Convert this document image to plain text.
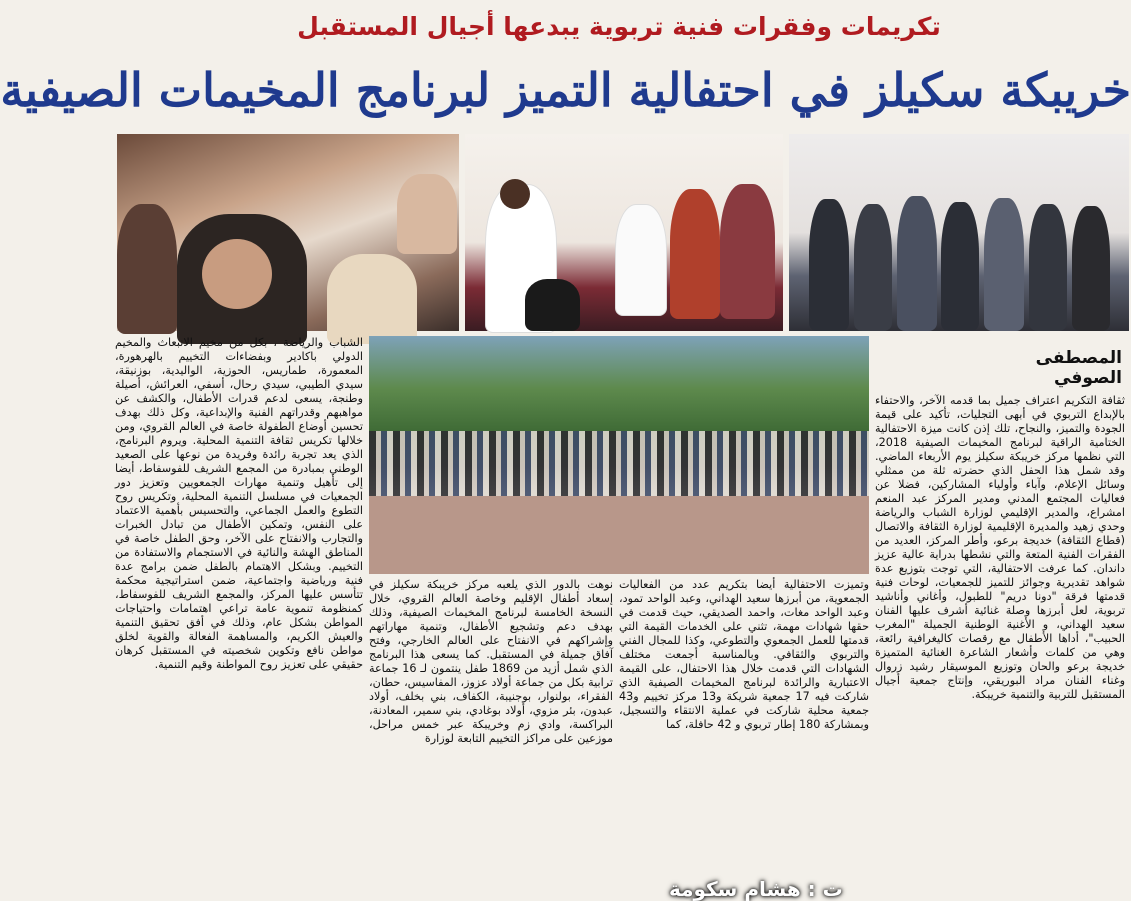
تكريمات وفقرات فنية تربوية يبدعها أجيال المستقبل
خريبكة سكيلز في احتفالية التميز لبرنامج المخيمات الصيفية
ت : هشام سكومة
المصطفى الصوفي
ثقافة التكريم اعتراف جميل بما قدمه الآخر، والاحتفاء بالإبداع التربوي في أبهى التجليات، تأكيد على قيمة الجودة والتميز، والنجاح، تلك إذن كانت ميزة الاحتفالية الختامية الراقية لبرنامج المخيمات الصيفية 2018، التي نظمها مركز خريبكة سكيلز يوم الأربعاء الماضي. وقد شمل هذا الحفل الذي حضرته ثلة من ممثلي وسائل الإعلام، وآباء وأولياء المشاركين، فضلا عن فعاليات المجتمع المدني ومدير المركز عبد المنعم امشراع، والمدير الإقليمي لوزارة الشباب والرياضة وحدي زهيد والمديرة الإقليمية لوزارة الثقافة والاتصال (قطاع الثقافة) خديجة برعو، وأطر المركز، العديد من الفقرات الفنية المتعة والتي نشطها بدراية عالية عزيز داندان. كما عرفت الاحتفالية، التي توجت بتوزيع عدة شواهد تقديرية وجوائز للتميز للجمعيات، لوحات فنية قدمتها فرقة "دونا دريم" للطبول، وأغاني وأناشيد تربوية، لعل أبرزها وصلة غنائية أشرف عليها الفنان سعيد الهداني، و الأغنية الوطنية الجميلة "المغرب الحبيب"، أداها الأطفال مع رقصات كاليغرافية رائعة، وهي من كلمات وأشعار الشاعرة الغنائية المتميزة خديجة برعو والحان وتوزيع الموسيقار رشيد زروال وغناء الفنان مراد البوريقي، وإنتاج جمعية أجيال المستقبل للتربية والتنمية خريبكة.
وتميزت الاحتفالية أيضا بتكريم عدد من الفعاليات الجمعوية، من أبرزها سعيد الهداني، وعبد الواحد تمود، وعبد الواحد مغات، واحمد الصديقي، حيث قدمت في حقها شهادات مهمة، تثني على الخدمات القيمة التي قدمتها للعمل الجمعوي والتطوعي، وكذا للمجال الفني والتربوي والثقافي. وبالمناسبة أجمعت مختلف الشهادات التي قدمت خلال هذا الاحتفال، على القيمة الاعتبارية والرائدة لبرنامج المخيمات الصيفية الذي شاركت فيه 17 جمعية شريكة و13 مركز تخييم و43 جمعية محلية شاركت في عملية الانتقاء والتسجيل، وبمشاركة 180 إطار تربوي و 42 حافلة، كما
نوهت بالدور الذي يلعبه مركز خريبكة سكيلز في إسعاد أطفال الإقليم وخاصة العالم القروي، خلال النسخة الخامسة لبرنامج المخيمات الصيفية، وذلك بهدف دعم وتشجيع الأطفال، وتنمية مهاراتهم وإشراكهم في الانفتاح على العالم الخارجي، وفتح آفاق جميلة في المستقبل. كما يسعى هذا البرنامج الذي شمل أزيد من 1869 طفل ينتمون لـ 16 جماعة ترابية بكل من جماعة أولاد عزوز، المفاسيس، حطان، الفقراء، بولنوار، بوجنيبة، الكفاف، بني بخلف، أولاد عبدون، بئر مزوي، أولاد بوغادي، بني سمير، المعادنة، البراكسة، وادي زم وخريبكة عبر خمس مراحل، موزعين على مراكز التخييم التابعة لوزارة
الشباب والرياضة ، بكل من مخيم الانبعاث والمخيم الدولي باكادير وبفضاءات التخييم بالهرهورة، المعمورة، طماريس، الحوزية، الواليدية، بوزنيقة، سيدي الطيبي، سيدي رحال، أسفي، العرائش، أصيلة وطنجة، يسعى لدعم قدرات الأطفال، والكشف عن مواهبهم وقدراتهم الفنية والإبداعية، وكل ذلك بهدف تحسين أوضاع الطفولة خاصة في العالم القروي، ومن خلالها تكريس ثقافة التنمية المحلية. ويروم البرنامج، الذي يعد تجربة رائدة وفريدة من نوعها على الصعيد الوطني بمبادرة من المجمع الشريف للفوسفاط، أيضا إلى تأهيل وتنمية مهارات الجمعويين وتعزيز دور الجمعيات في مسلسل التنمية المحلية، وتكريس روح التطوع والعمل الجماعي، والتحسيس بأهمية الاعتماد على النفس، وتمكين الأطفال من تبادل الخبرات والتجارب والانفتاح على الآخر، وحق الطفل خاصة في المناطق الهشة والنائية في الاستجمام والاستفادة من التخييم. وبشكل الاهتمام بالطفل ضمن برامج عدة فنية ورياضية واجتماعية، ضمن استراتيجية محكمة تتأسس عليها المركز، والمجمع الشريف للفوسفاط، كمنظومة تنموية عامة تراعي اهتمامات واحتياجات المواطن بشكل عام، وذلك في أفق تحقيق التنمية والعيش الكريم، والمساهمة الفعالة والقوية لخلق مواطن نافع وتكوين شخصيته في المستقبل كرهان حقيقي على تعزيز روح المواطنة وقيم التنمية.
